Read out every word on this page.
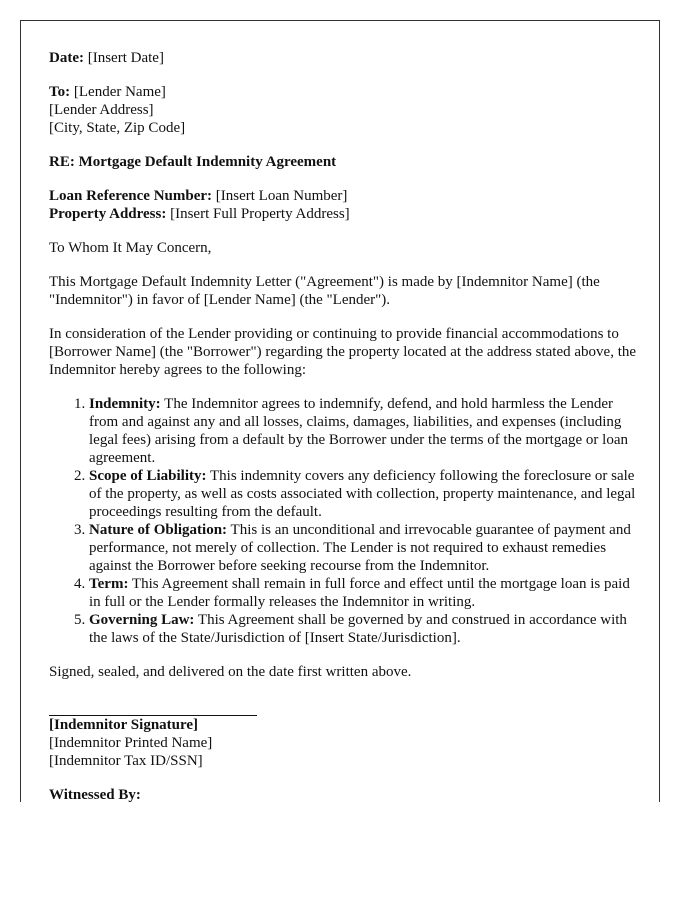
Date: [Insert Date]

To: [Lender Name]
[Lender Address]
[City, State, Zip Code]

RE: Mortgage Default Indemnity Agreement

Loan Reference Number: [Insert Loan Number]
Property Address: [Insert Full Property Address]

To Whom It May Concern,

This Mortgage Default Indemnity Letter ("Agreement") is made by [Indemnitor Name] (the "Indemnitor") in favor of [Lender Name] (the "Lender").

In consideration of the Lender providing or continuing to provide financial accommodations to [Borrower Name] (the "Borrower") regarding the property located at the address stated above, the Indemnitor hereby agrees to the following:

1. Indemnity: The Indemnitor agrees to indemnify, defend, and hold harmless the Lender from and against any and all losses, claims, damages, liabilities, and expenses (including legal fees) arising from a default by the Borrower under the terms of the mortgage or loan agreement.
2. Scope of Liability: This indemnity covers any deficiency following the foreclosure or sale of the property, as well as costs associated with collection, property maintenance, and legal proceedings resulting from the default.
3. Nature of Obligation: This is an unconditional and irrevocable guarantee of payment and performance, not merely of collection. The Lender is not required to exhaust remedies against the Borrower before seeking recourse from the Indemnitor.
4. Term: This Agreement shall remain in full force and effect until the mortgage loan is paid in full or the Lender formally releases the Indemnitor in writing.
5. Governing Law: This Agreement shall be governed by and construed in accordance with the laws of the State/Jurisdiction of [Insert State/Jurisdiction].

Signed, sealed, and delivered on the date first written above.

[Indemnitor Signature]
[Indemnitor Printed Name]
[Indemnitor Tax ID/SSN]

Witnessed By:
